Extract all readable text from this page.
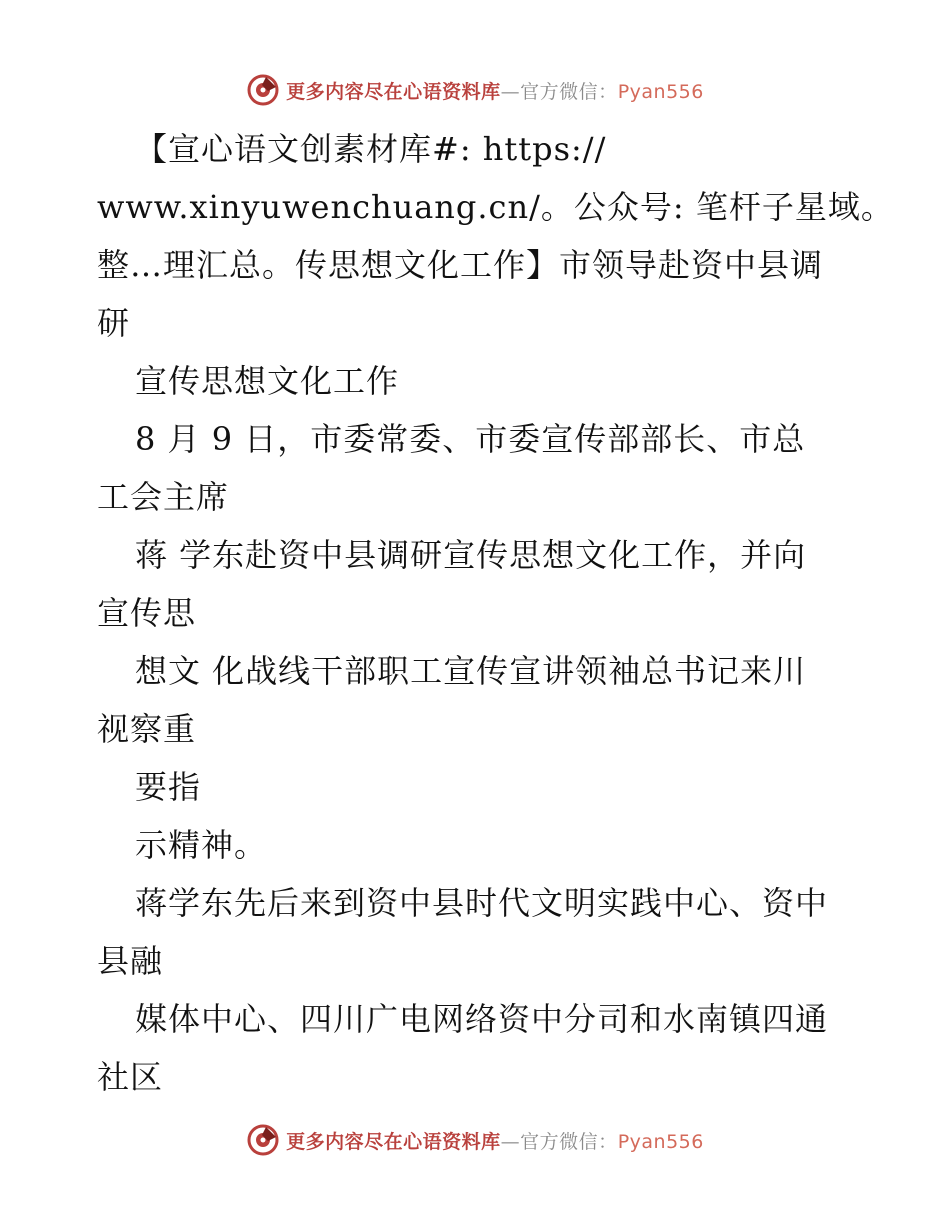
更多内容尽在心语资料库—官方微信：Pyan556
【宣心语文创素材库#: https://
www.xinyuwenchuang.cn/。公众号: 笔杆子星域。
整…理汇总。传思想文化工作】市领导赴资中县调
研
宣传思想文化工作
8 月 9 日，市委常委、市委宣传部部长、市总
工会主席
蒋 学东赴资中县调研宣传思想文化工作，并向
宣传思
想文 化战线干部职工宣传宣讲领袖总书记来川
视察重
要指
示精神。
蒋学东先后来到资中县时代文明实践中心、资中
县融
媒体中心、四川广电网络资中分司和水南镇四通
社区
更多内容尽在心语资料库—官方微信：Pyan556
